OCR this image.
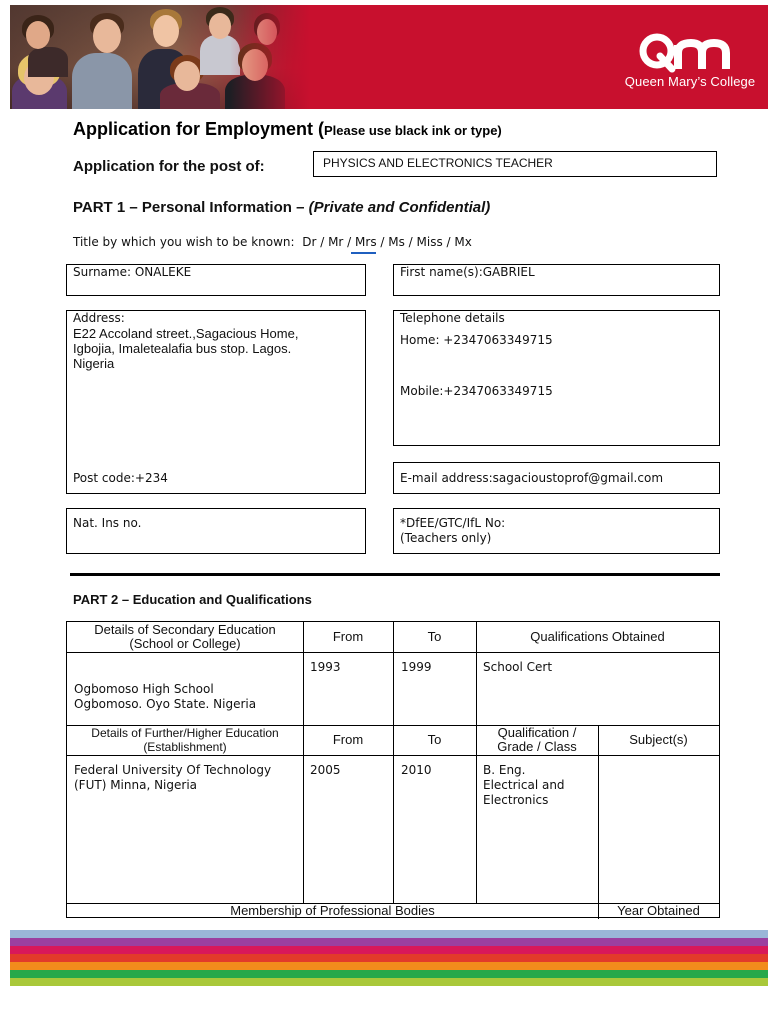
Queen Mary’s College
Application for Employment (Please use black ink or type)
Application for the post of:	PHYSICS AND ELECTRONICS TEACHER
PART 1 – Personal Information – (Private and Confidential)
Title by which you wish to be known: Dr / Mr / Mrs / Ms / Miss / Mx
Surname: ONALEKE	First name(s):GABRIEL
Address:
E22 Accoland street.,Sagacious Home,
Igbojia, Imaletealafia bus stop. Lagos.
Nigeria
Post code:+234
Telephone details
Home: +2347063349715
Mobile:+2347063349715
E-mail address:sagacioustoprof@gmail.com
Nat. Ins no.	*DfEE/GTC/IfL No:
(Teachers only)
PART 2 – Education and Qualifications
Details of Secondary Education
(School or College)	From	To	Qualifications Obtained
Ogbomoso High School
Ogbomoso. Oyo State. Nigeria
1993	1999	School Cert
Details of Further/Higher Education
(Establishment)	From	To	Qualification /
Grade / Class	Subject(s)
Federal University Of Technology
(FUT) Minna, Nigeria
2005	2010	B. Eng.
Electrical and
Electronics
Membership of Professional Bodies	Year Obtained
